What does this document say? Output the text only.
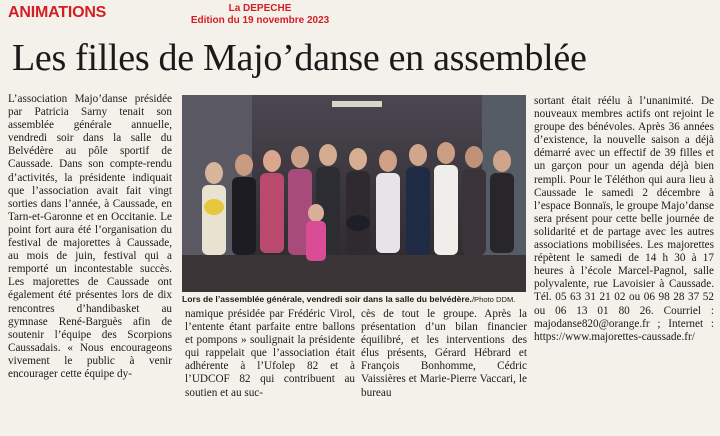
ANIMATIONS	La DEPECHE
Edition du 19 novembre 2023
Les filles de Majo’danse en assemblée
L’association Majo’danse présidée par Patricia Sarny tenait son assemblée générale annuelle, vendredi soir dans la salle du Belvédère au pôle sportif de Caussade. Dans son compte-rendu d’activités, la présidente indiquait que l’association avait fait vingt sorties dans l’année, à Caussade, en Tarn-et-Garonne et en Occitanie. Le point fort aura été l’organisation du festival de majorettes à Caussade, au mois de juin, festival qui a remporté un incontestable succès. Les majorettes de Caussade ont également été présentes lors de dix rencontres d’handibasket au gymnase René-Barguès afin de soutenir l’équipe des Scorpions Caussadais. « Nous encourageons vivement le public à venir encourager cette équipe dy-
Lors de l’assemblée générale, vendredi soir dans la salle du belvédère./Photo DDM.
namique présidée par Frédéric Virol, l’entente étant parfaite entre ballons et pompons » soulignait la présidente qui rappelait que l’association était adhérente à l’Ufolep 82 et à l’UDCOF 82 qui contribuent au soutien et au suc-
cès de tout le groupe. Après la présentation d’un bilan financier équilibré, et les interventions des élus présents, Gérard Hébrard et François Bonhomme, Cédric Vaissières et Marie-Pierre Vaccari, le bureau
sortant était réélu à l’unanimité. De nouveaux membres actifs ont rejoint le groupe des bénévoles. Après 36 années d’existence, la nouvelle saison a déjà démarré avec un effectif de 39 filles et un garçon pour un agenda déjà bien rempli. Pour le Téléthon qui aura lieu à Caussade le samedi 2 décembre à l’espace Bonnaïs, le groupe Majo’danse sera présent pour cette belle journée de solidarité et de partage avec les autres associations mobilisées. Les majorettes répètent le samedi de 14 h 30 à 17 heures à l’école Marcel-Pagnol, salle polyvalente, rue Lavoisier à Caussade. Tél. 05 63 31 21 02 ou 06 98 28 37 52 ou 06 13 01 80 26. Courriel : majodanse820@orange.fr ; Internet : https://www.majorettes-caussade.fr/
